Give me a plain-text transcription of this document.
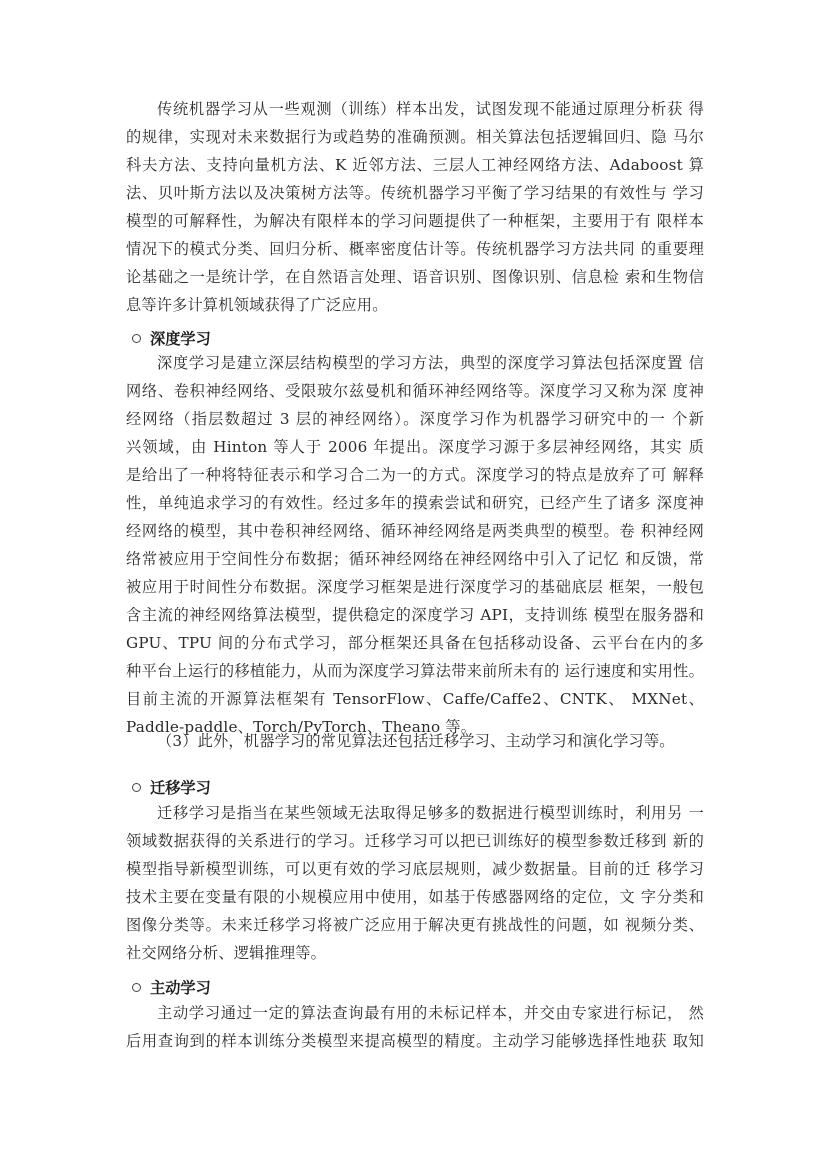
传统机器学习从一些观测（训练）样本出发，试图发现不能通过原理分析获 得
的规律，实现对未来数据行为或趋势的准确预测。相关算法包括逻辑回归、隐 马尔
科夫方法、支持向量机方法、K 近邻方法、三层人工神经网络方法、Adaboost 算
法、贝叶斯方法以及决策树方法等。传统机器学习平衡了学习结果的有效性与 学习
模型的可解释性，为解决有限样本的学习问题提供了一种框架，主要用于有 限样本
情况下的模式分类、回归分析、概率密度估计等。传统机器学习方法共同 的重要理
论基础之一是统计学，在自然语言处理、语音识别、图像识别、信息检 索和生物信
息等许多计算机领域获得了广泛应用。
深度学习
深度学习是建立深层结构模型的学习方法，典型的深度学习算法包括深度置 信
网络、卷积神经网络、受限玻尔兹曼机和循环神经网络等。深度学习又称为深 度神
经网络（指层数超过 3 层的神经网络）。深度学习作为机器学习研究中的一 个新
兴领域，由 Hinton 等人于 2006 年提出。深度学习源于多层神经网络，其实 质
是给出了一种将特征表示和学习合二为一的方式。深度学习的特点是放弃了可 解释
性，单纯追求学习的有效性。经过多年的摸索尝试和研究，已经产生了诸多 深度神
经网络的模型，其中卷积神经网络、循环神经网络是两类典型的模型。卷 积神经网
络常被应用于空间性分布数据；循环神经网络在神经网络中引入了记忆 和反馈，常
被应用于时间性分布数据。深度学习框架是进行深度学习的基础底层 框架，一般包
含主流的神经网络算法模型，提供稳定的深度学习 API，支持训练 模型在服务器和
GPU、TPU 间的分布式学习，部分框架还具备在包括移动设备、云平台在内的多
种平台上运行的移植能力，从而为深度学习算法带来前所未有的 运行速度和实用性。
目前主流的开源算法框架有 TensorFlow、Caffe/Caffe2、CNTK、 MXNet、
Paddle-paddle、Torch/PyTorch、Theano 等。
（3）此外，机器学习的常见算法还包括迁移学习、主动学习和演化学习等。
迁移学习
迁移学习是指当在某些领域无法取得足够多的数据进行模型训练时，利用另 一
领域数据获得的关系进行的学习。迁移学习可以把已训练好的模型参数迁移到 新的
模型指导新模型训练，可以更有效的学习底层规则，减少数据量。目前的迁 移学习
技术主要在变量有限的小规模应用中使用，如基于传感器网络的定位，文 字分类和
图像分类等。未来迁移学习将被广泛应用于解决更有挑战性的问题，如 视频分类、
社交网络分析、逻辑推理等。
主动学习
主动学习通过一定的算法查询最有用的未标记样本，并交由专家进行标记， 然
后用查询到的样本训练分类模型来提高模型的精度。主动学习能够选择性地获 取知
